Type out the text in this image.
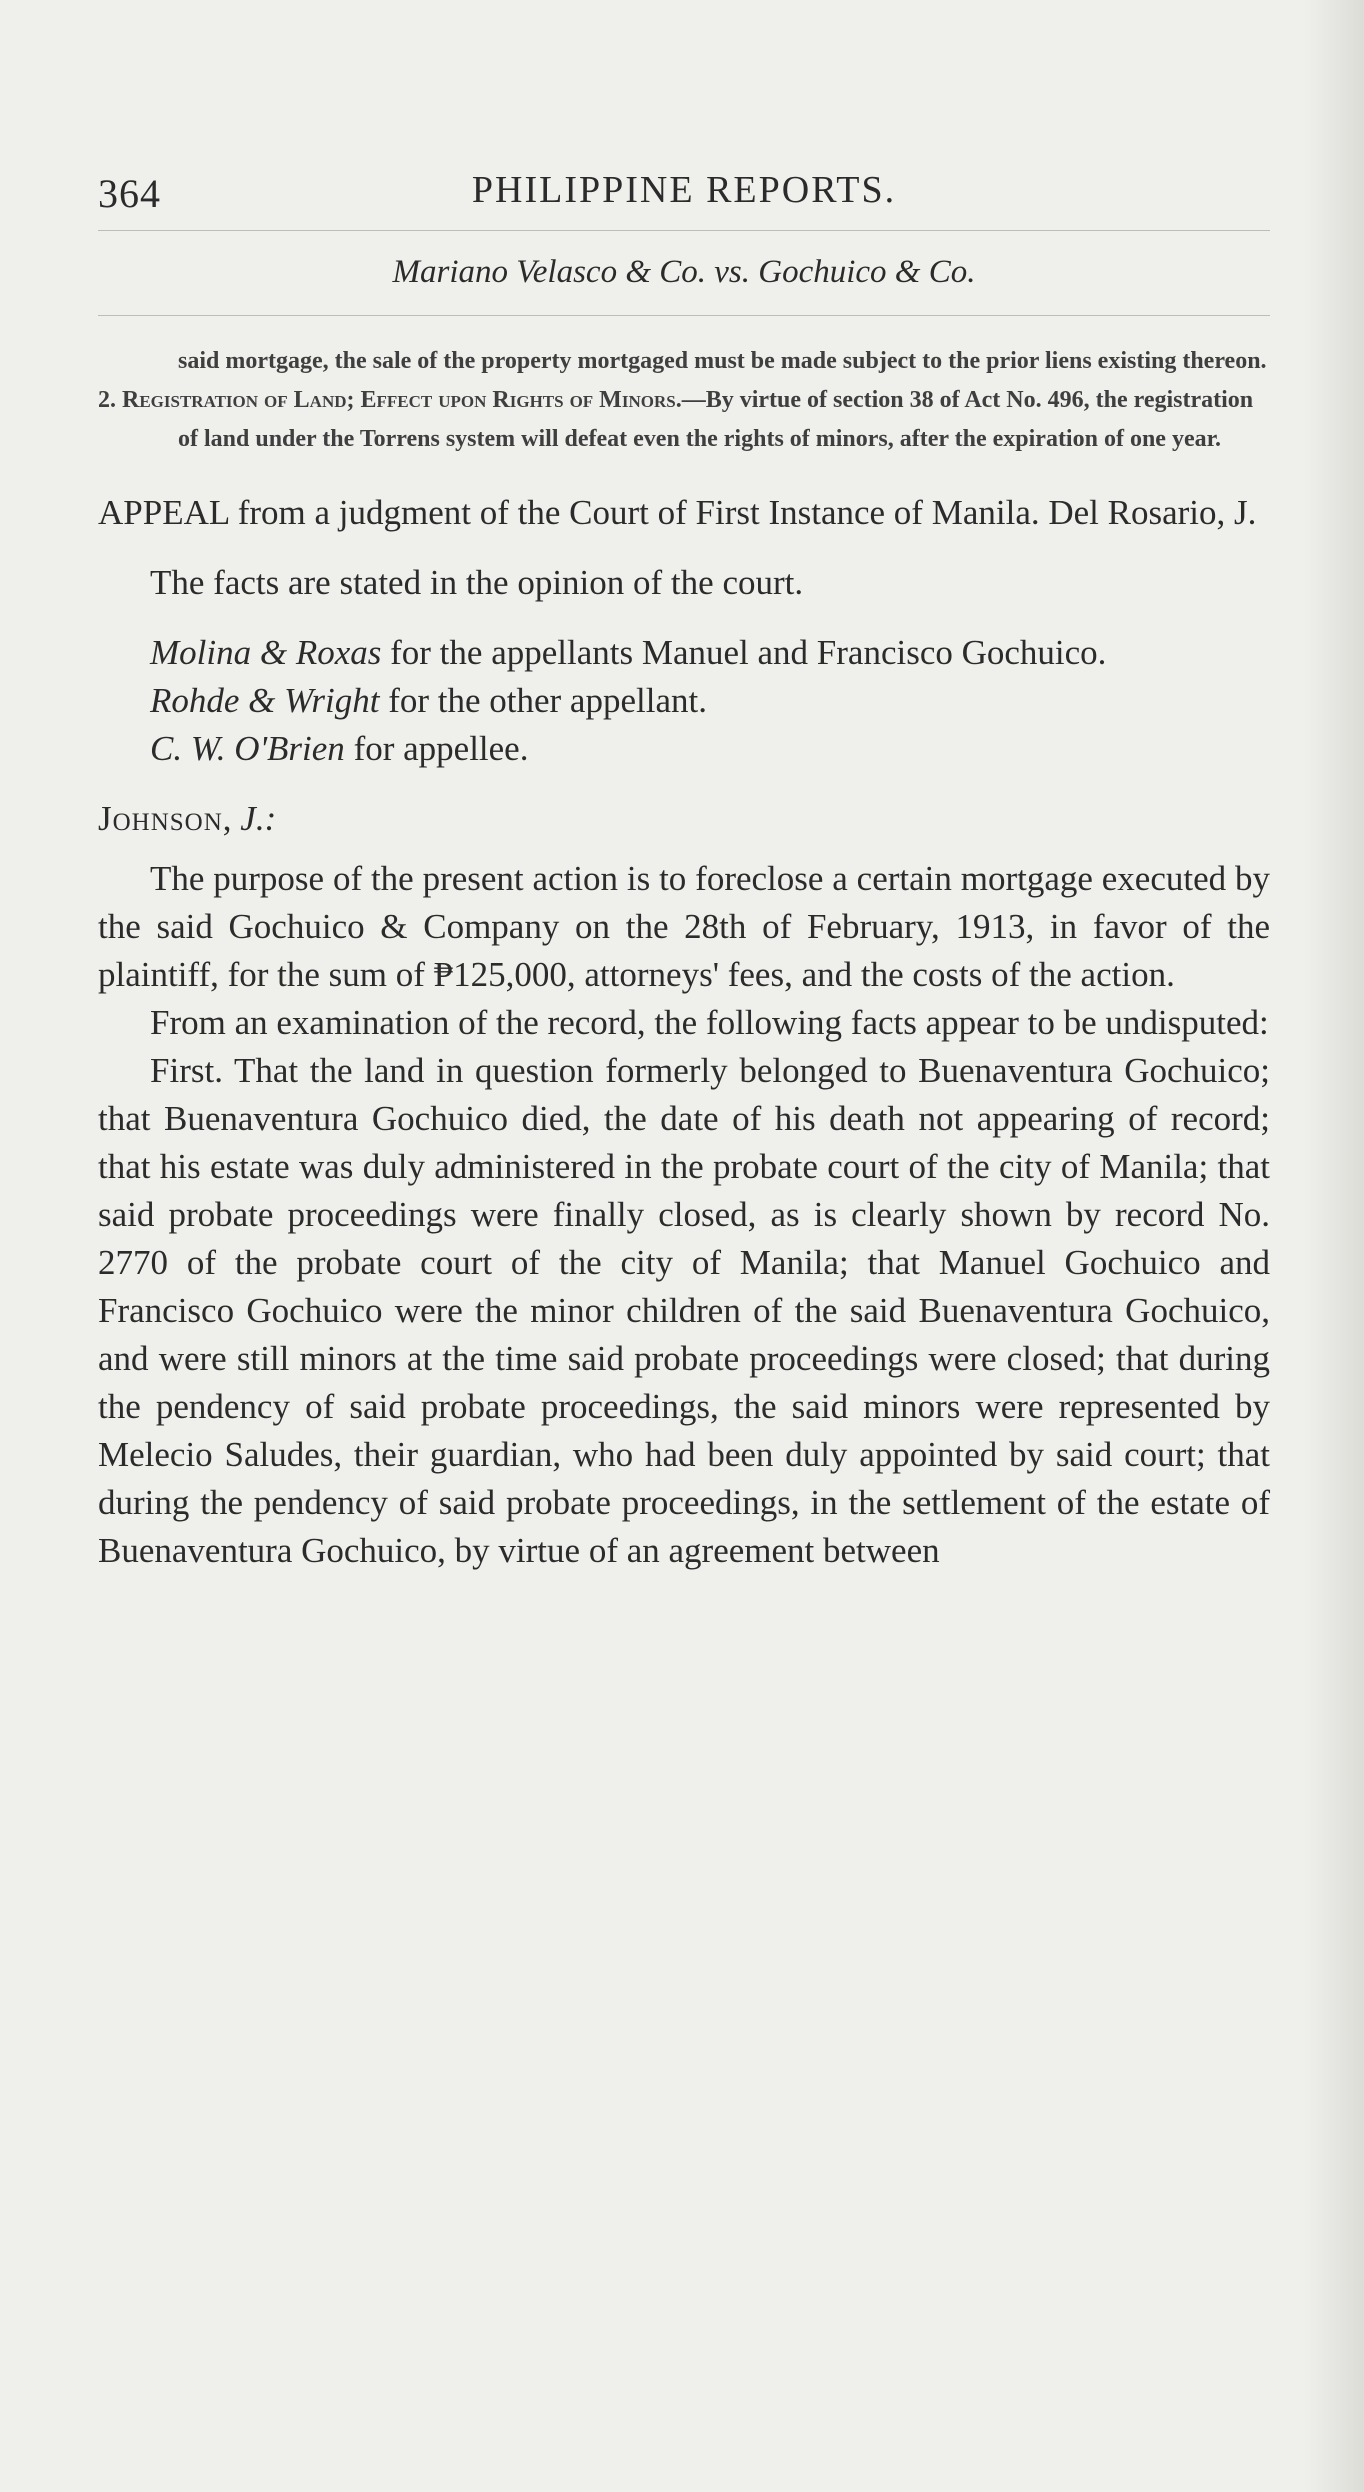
364	PHILIPPINE REPORTS.
Mariano Velasco & Co. vs. Gochuico & Co.

said mortgage, the sale of the property mortgaged must be made subject to the prior liens existing thereon.

2. Registration of Land; Effect upon Rights of Minors.—By virtue of section 38 of Act No. 496, the registration of land under the Torrens system will defeat even the rights of minors, after the expiration of one year.

APPEAL from a judgment of the Court of First Instance of Manila. Del Rosario, J.

The facts are stated in the opinion of the court.

Molina & Roxas for the appellants Manuel and Francisco Gochuico.

Rohde & Wright for the other appellant.

C. W. O'Brien for appellee.

Johnson, J.:

The purpose of the present action is to foreclose a certain mortgage executed by the said Gochuico & Company on the 28th of February, 1913, in favor of the plaintiff, for the sum of ₱125,000, attorneys' fees, and the costs of the action.

From an examination of the record, the following facts appear to be undisputed:

First. That the land in question formerly belonged to Buenaventura Gochuico; that Buenaventura Gochuico died, the date of his death not appearing of record; that his estate was duly administered in the probate court of the city of Manila; that said probate proceedings were finally closed, as is clearly shown by record No. 2770 of the probate court of the city of Manila; that Manuel Gochuico and Francisco Gochuico were the minor children of the said Buenaventura Gochuico, and were still minors at the time said probate proceedings were closed; that during the pendency of said probate proceedings, the said minors were represented by Melecio Saludes, their guardian, who had been duly appointed by said court; that during the pendency of said probate proceedings, in the settlement of the estate of Buenaventura Gochuico, by virtue of an agreement between
